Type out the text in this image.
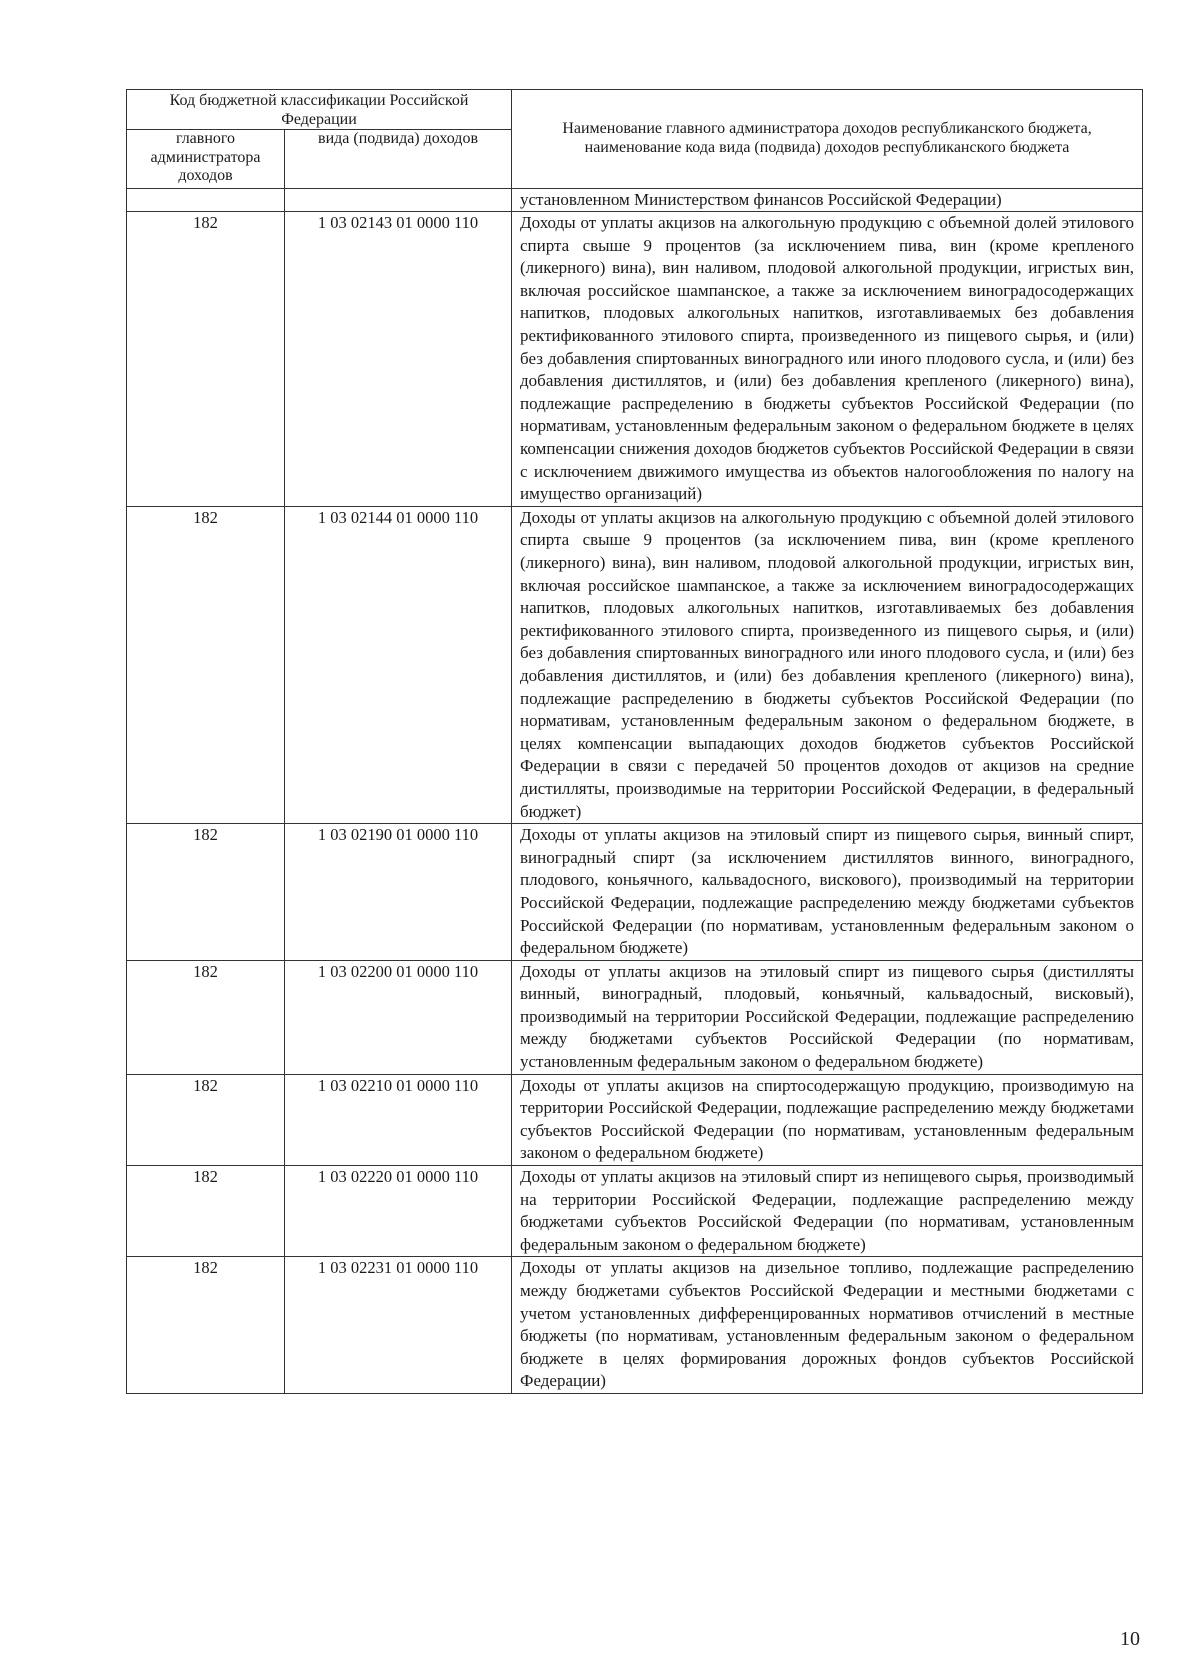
Код бюджетной классификации Российской Федерации		Наименование главного администратора доходов республиканского бюджета, наименование кода вида (подвида) доходов республиканского бюджета
главного администратора доходов	вида (подвида) доходов	
		установленном Министерством финансов Российской Федерации)
182	1 03 02143 01 0000 110	Доходы от уплаты акцизов на алкогольную продукцию с объемной долей этилового спирта свыше 9 процентов (за исключением пива, вин (кроме крепленого (ликерного) вина), вин наливом, плодовой алкогольной продукции, игристых вин, включая российское шампанское, а также за исключением виноградосодержащих напитков, плодовых алкогольных напитков, изготавливаемых без добавления ректификованного этилового спирта, произведенного из пищевого сырья, и (или) без добавления спиртованных виноградного или иного плодового сусла, и (или) без добавления дистиллятов, и (или) без добавления крепленого (ликерного) вина), подлежащие распределению в бюджеты субъектов Российской Федерации (по нормативам, установленным федеральным законом о федеральном бюджете в целях компенсации снижения доходов бюджетов субъектов Российской Федерации в связи с исключением движимого имущества из объектов налогообложения по налогу на имущество организаций)
182	1 03 02144 01 0000 110	Доходы от уплаты акцизов на алкогольную продукцию с объемной долей этилового спирта свыше 9 процентов (за исключением пива, вин (кроме крепленого (ликерного) вина), вин наливом, плодовой алкогольной продукции, игристых вин, включая российское шампанское, а также за исключением виноградосодержащих напитков, плодовых алкогольных напитков, изготавливаемых без добавления ректификованного этилового спирта, произведенного из пищевого сырья, и (или) без добавления спиртованных виноградного или иного плодового сусла, и (или) без добавления дистиллятов, и (или) без добавления крепленого (ликерного) вина), подлежащие распределению в бюджеты субъектов Российской Федерации (по нормативам, установленным федеральным законом о федеральном бюджете, в целях компенсации выпадающих доходов бюджетов субъектов Российской Федерации в связи с передачей 50 процентов доходов от акцизов на средние дистилляты, производимые на территории Российской Федерации, в федеральный бюджет)
182	1 03 02190 01 0000 110	Доходы от уплаты акцизов на этиловый спирт из пищевого сырья, винный спирт, виноградный спирт (за исключением дистиллятов винного, виноградного, плодового, коньячного, кальвадосного, вискового), производимый на территории Российской Федерации, подлежащие распределению между бюджетами субъектов Российской Федерации (по нормативам, установленным федеральным законом о федеральном бюджете)
182	1 03 02200 01 0000 110	Доходы от уплаты акцизов на этиловый спирт из пищевого сырья (дистилляты винный, виноградный, плодовый, коньячный, кальвадосный, висковый), производимый на территории Российской Федерации, подлежащие распределению между бюджетами субъектов Российской Федерации (по нормативам, установленным федеральным законом о федеральном бюджете)
182	1 03 02210 01 0000 110	Доходы от уплаты акцизов на спиртосодержащую продукцию, производимую на территории Российской Федерации, подлежащие распределению между бюджетами субъектов Российской Федерации (по нормативам, установленным федеральным законом о федеральном бюджете)
182	1 03 02220 01 0000 110	Доходы от уплаты акцизов на этиловый спирт из непищевого сырья, производимый на территории Российской Федерации, подлежащие распределению между бюджетами субъектов Российской Федерации (по нормативам, установленным федеральным законом о федеральном бюджете)
182	1 03 02231 01 0000 110	Доходы от уплаты акцизов на дизельное топливо, подлежащие распределению между бюджетами субъектов Российской Федерации и местными бюджетами с учетом установленных дифференцированных нормативов отчислений в местные бюджеты (по нормативам, установленным федеральным законом о федеральном бюджете в целях формирования дорожных фондов субъектов Российской Федерации)
10
